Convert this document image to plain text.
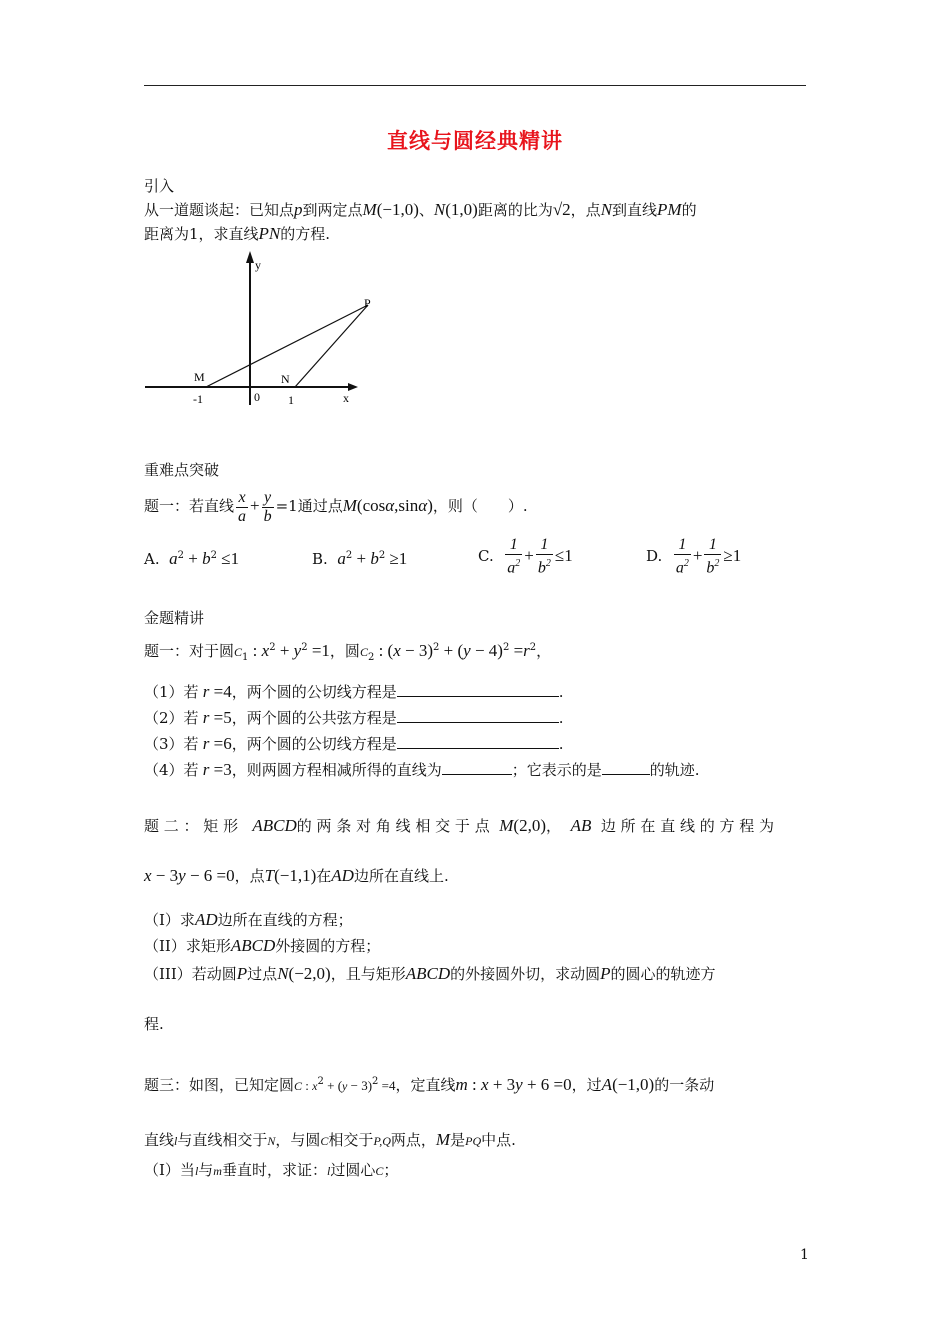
直线与圆经典精讲
引入
从一道题谈起：已知点p到两定点M(−1,0)、N(1,0)距离的比为√2，点N到直线PM的
距离为1，求直线PN的方程.
y
x
P
M	N
-1	0 1
重难点突破
题一：若直线 $\frac{x}{a} + \frac{y}{b} =1$通过点M(cosα,sinα)，则（　　）.
A. $a^2 + b^2 \le 1$	B. $a^2 + b^2 \ge 1$	C. $\frac{1}{a^2} + \frac{1}{b^2} \le 1$	D. $\frac{1}{a^2} + \frac{1}{b^2} \ge 1$
金题精讲
题一：对于圆$C_1$ : $x^2 + y^2 =1$，圆$C_2$ : $(x - 3)^2 + (y - 4)^2 =r^2$，
（1）若 r =4，两个圆的公切线方程是	.
（2）若 r =5，两个圆的公共弦方程是	.
（3）若 r =6，两个圆的公切线方程是	.
（4）若 r =3，则两圆方程相减所得的直线为	；它表示的是	的轨迹.
题 二 ： 矩 形 ABCD的 两 条 对 角 线 相 交 于 点 M(2,0)， AB 边 所 在 直 线 的 方 程 为
x − 3y − 6 =0，点T(−1,1)在AD边所在直线上.
（I）求AD边所在直线的方程；
（II）求矩形ABCD外接圆的方程；
（III）若动圆P过点N(−2,0)，且与矩形ABCD的外接圆外切，求动圆P的圆心的轨迹方
程.
题三：如图，已知定圆C : $x^2 + (y - 3)^2 =4$，定直线m : x + 3y + 6 =0，过A(−1,0)的一条动
直线l与直线相交于N，与圆C相交于P,Q两点，M是PQ中点.
（Ⅰ）当l与m垂直时，求证：l过圆心C；
1
